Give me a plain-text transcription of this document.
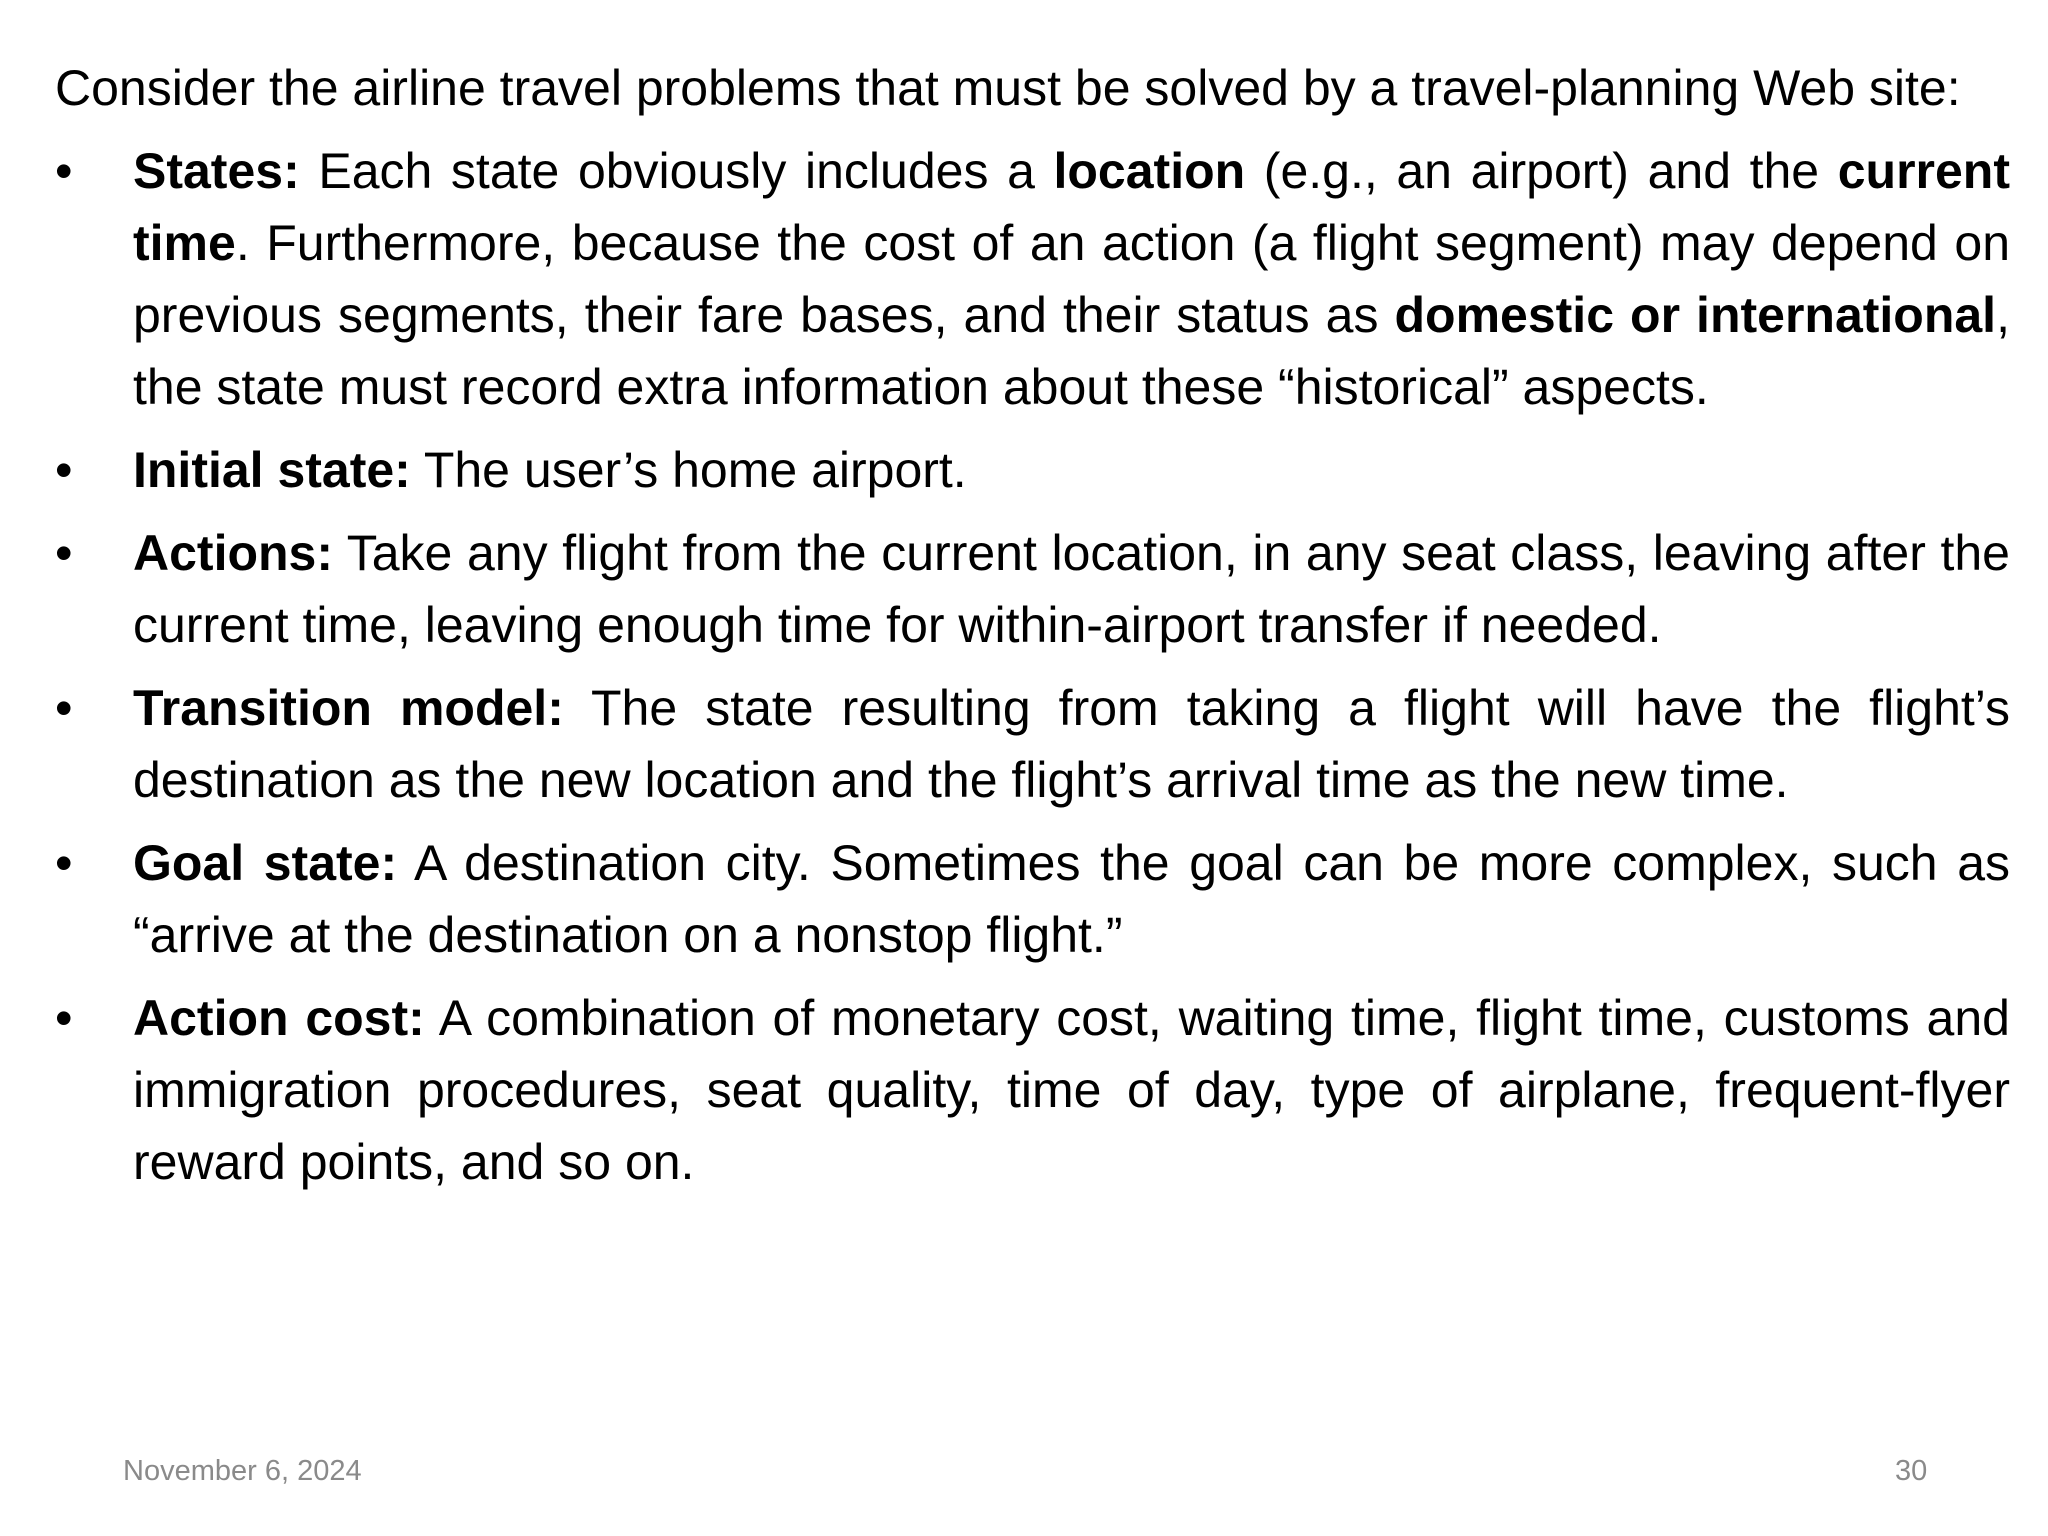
Consider the airline travel problems that must be solved by a travel-planning Web site:

• States: Each state obviously includes a location (e.g., an airport) and the current time. Furthermore, because the cost of an action (a flight segment) may depend on previous segments, their fare bases, and their status as domestic or international, the state must record extra information about these “historical” aspects.
• Initial state: The user’s home airport.
• Actions: Take any flight from the current location, in any seat class, leaving after the current time, leaving enough time for within-airport transfer if needed.
• Transition model: The state resulting from taking a flight will have the flight’s destination as the new location and the flight’s arrival time as the new time.
• Goal state: A destination city. Sometimes the goal can be more complex, such as “arrive at the destination on a nonstop flight.”
• Action cost: A combination of monetary cost, waiting time, flight time, customs and immigration procedures, seat quality, time of day, type of airplane, frequent-flyer reward points, and so on.
November 6, 2024	30
